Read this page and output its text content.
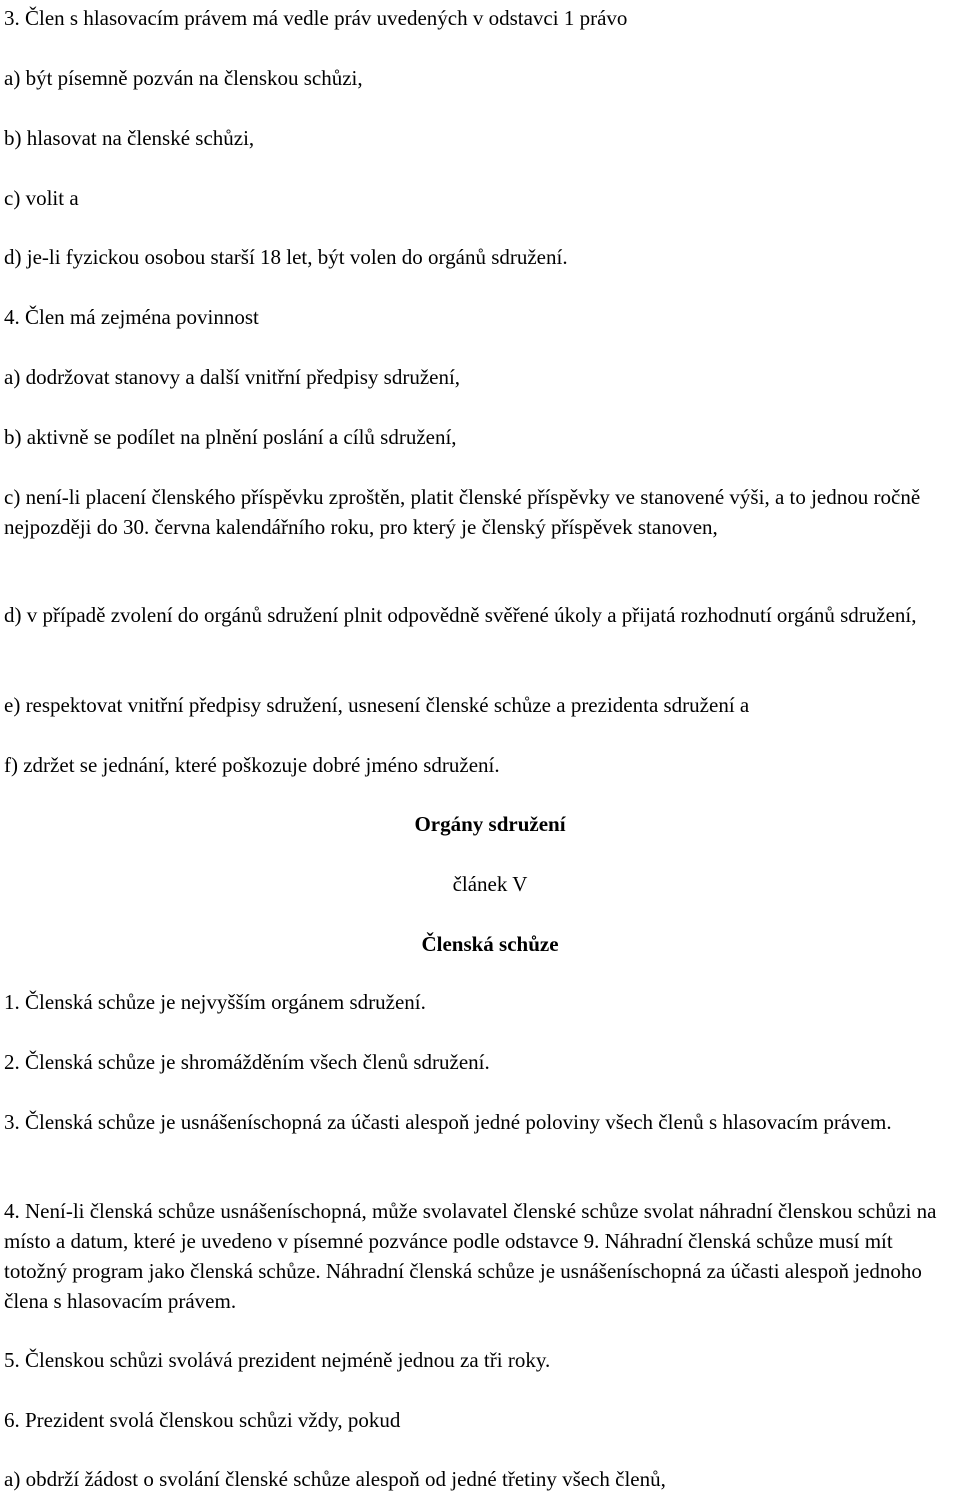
3. Člen s hlasovacím právem má vedle práv uvedených v odstavci 1 právo

a) být písemně pozván na členskou schůzi,

b) hlasovat na členské schůzi,

c) volit a

d) je-li fyzickou osobou starší 18 let, být volen do orgánů sdružení.

4. Člen má zejména povinnost

a) dodržovat stanovy a další vnitřní předpisy sdružení,

b) aktivně se podílet na plnění poslání a cílů sdružení,

c) není-li placení členského příspěvku zproštěn, platit členské příspěvky ve stanovené výši, a to jednou ročně nejpozději do 30. června kalendářního roku, pro který je členský příspěvek stanoven,

d) v případě zvolení do orgánů sdružení plnit odpovědně svěřené úkoly a přijatá rozhodnutí orgánů sdružení,

e) respektovat vnitřní předpisy sdružení, usnesení členské schůze a prezidenta sdružení a

f) zdržet se jednání, které poškozuje dobré jméno sdružení.

Orgány sdružení

článek V

Členská schůze

1. Členská schůze je nejvyšším orgánem sdružení.

2. Členská schůze je shromážděním všech členů sdružení.

3. Členská schůze je usnášeníschopná za účasti alespoň jedné poloviny všech členů s hlasovacím právem.

4. Není-li členská schůze usnášeníschopná, může svolavatel členské schůze svolat náhradní členskou schůzi na místo a datum, které je uvedeno v písemné pozvánce podle odstavce 9. Náhradní členská schůze musí mít totožný program jako členská schůze. Náhradní členská schůze je usnášeníschopná za účasti alespoň jednoho člena s hlasovacím právem.

5. Členskou schůzi svolává prezident nejméně jednou za tři roky.

6. Prezident svolá členskou schůzi vždy, pokud

a) obdrží žádost o svolání členské schůze alespoň od jedné třetiny všech členů,
